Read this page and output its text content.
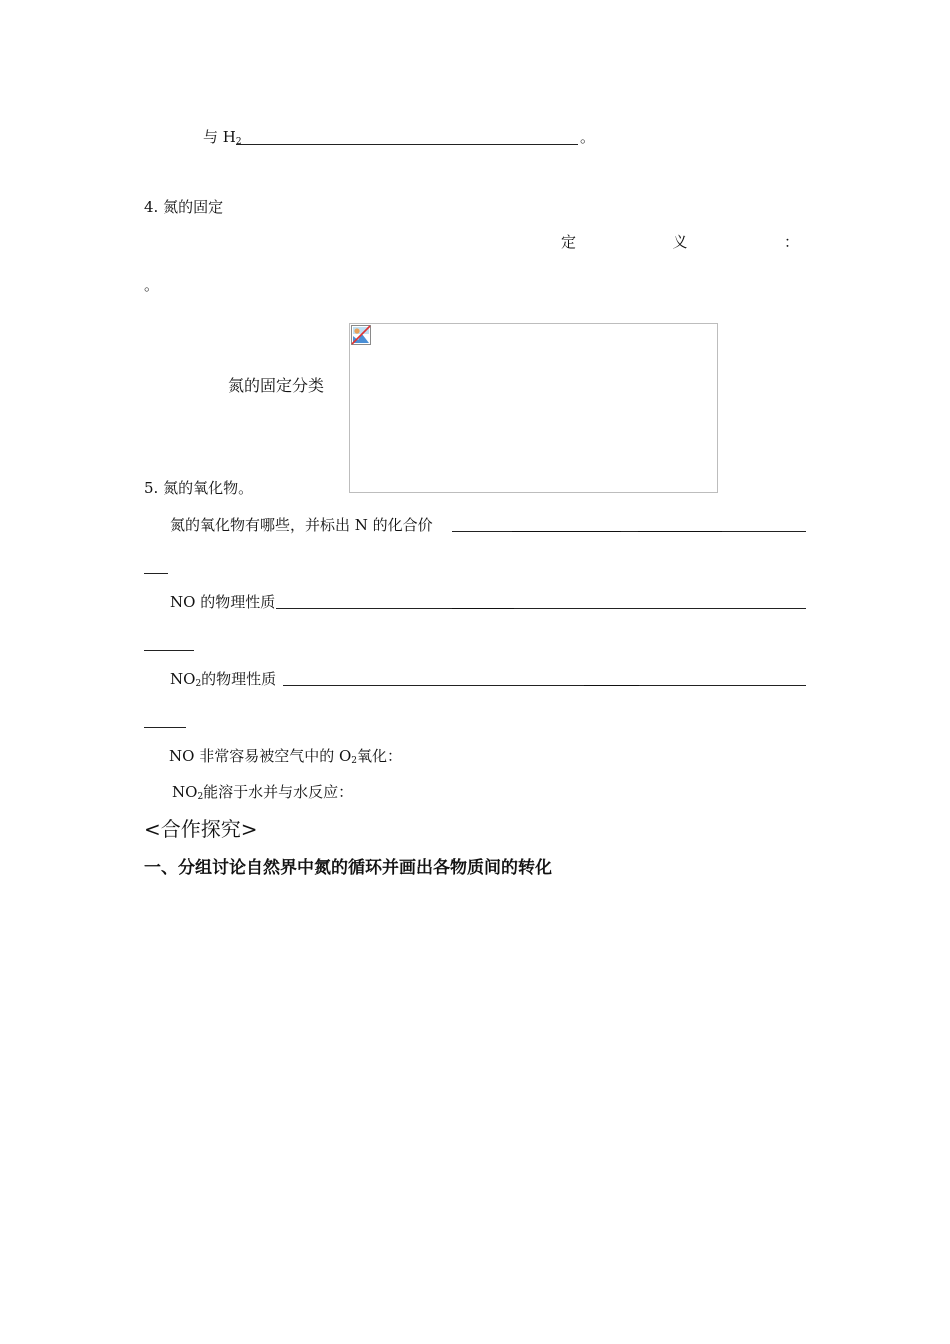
与 $H_2$	。
4. 氮的固定
定	义	：
。
氮的固定分类
5. 氮的氧化物。
氮的氧化物有哪些，并标出 N 的化合价
NO 的物理性质
$NO_2$的物理性质
NO 非常容易被空气中的 $O_2$氧化：
$NO_2$能溶于水并与水反应：
<合作探究>
一、分组讨论自然界中氮的循环并画出各物质间的转化
